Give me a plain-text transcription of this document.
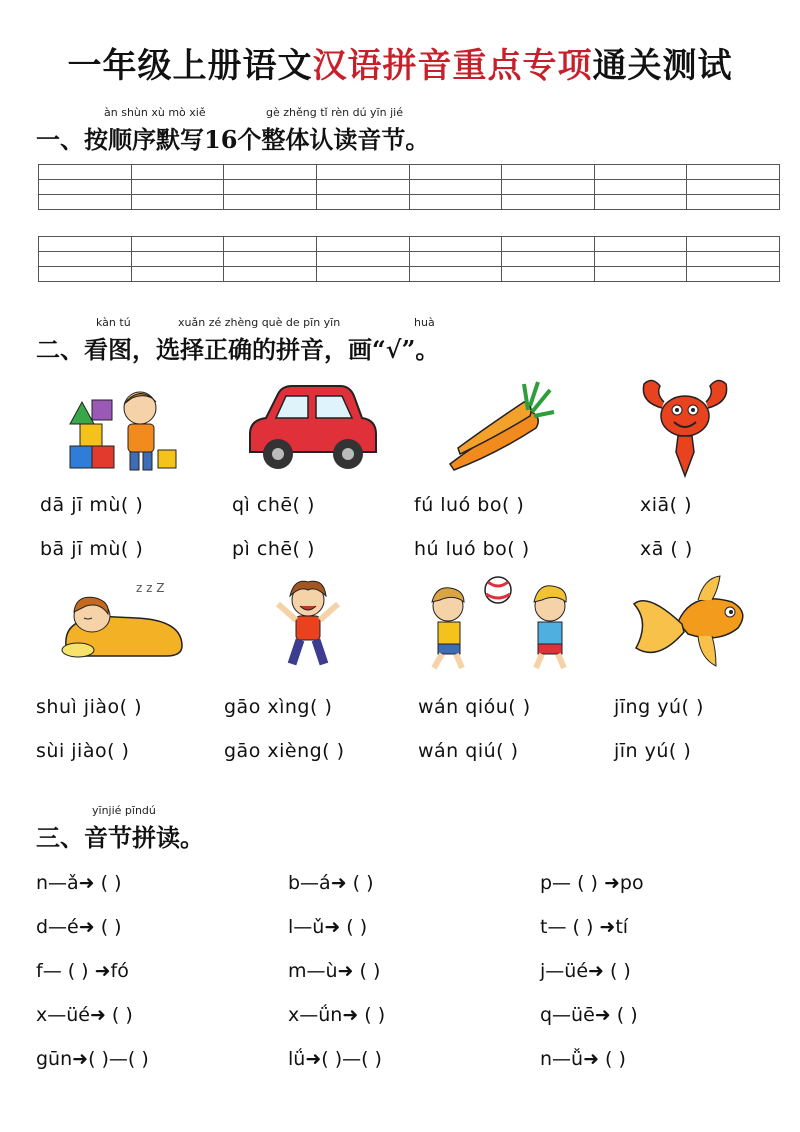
一年级上册语文汉语拼音重点专项通关测试
àn shùn xù mò xiě	gè zhěng tǐ rèn dú yīn jié
一、按顺序默写16个整体认读音节。

kàn tú	xuǎn zé zhèng què de pīn yīn	huà
二、看图，选择正确的拼音，画“√”。
dā jī mù( )	qì chē( )	fú luó bo( )	xiā( )
bā jī mù( )	pì chē( )	hú luó bo( )	xā ( )
z z Z
shuì jiào( )	gāo xìng( )	wán qióu( )	jīng yú( )
sùi jiào( )	gāo xièng( )	wán qiú( )	jīn yú( )
yīnjié pīndú
三、音节拼读。
n—ǎ➜ ( )	b—á➜ ( )	p— ( ) ➜po
d—é➜ ( )	l—ǔ➜ ( )	t— ( ) ➜tí
f— ( ) ➜fó	m—ù➜ ( )	j—üé➜ ( )
x—üé➜ ( )	x—ǘn➜ ( )	q—üē➜ ( )
gūn➜( )—( )	lǘ➜( )—( )	n—ǚ➜ ( )
